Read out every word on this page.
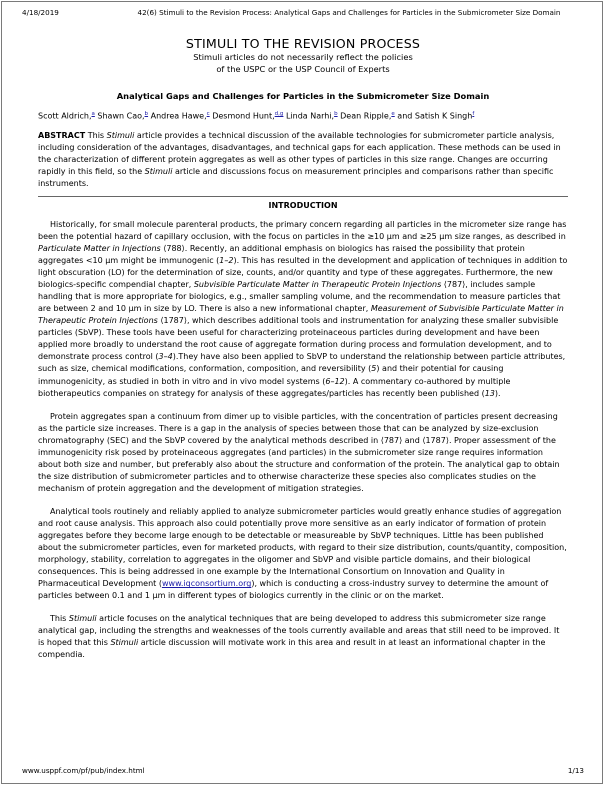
4/18/2019	42(6) Stimuli to the Revision Process: Analytical Gaps and Challenges for Particles in the Submicrometer Size Domain
STIMULI TO THE REVISION PROCESS
Stimuli articles do not necessarily reflect the policies
of the USPC or the USP Council of Experts
Analytical Gaps and Challenges for Particles in the Submicrometer Size Domain
Scott Aldrich,$^a$ Shawn Cao,$^b$ Andrea Hawe,$^c$ Desmond Hunt,$^{d,g}$ Linda Narhi,$^b$ Dean Ripple,$^e$ and Satish K Singh$^f$
ABSTRACT This Stimuli article provides a technical discussion of the available technologies for submicrometer particle analysis, including consideration of the advantages, disadvantages, and technical gaps for each application. These methods can be used in the characterization of different protein aggregates as well as other types of particles in this size range. Changes are occurring rapidly in this field, so the Stimuli article and discussions focus on measurement principles and comparisons rather than specific instruments.
INTRODUCTION

Historically, for small molecule parenteral products, the primary concern regarding all particles in the micrometer size range has been the potential hazard of capillary occlusion, with the focus on particles in the ≥10 µm and ≥25 µm size ranges, as described in Particulate Matter in Injections ⟨788⟩. Recently, an additional emphasis on biologics has raised the possibility that protein aggregates <10 µm might be immunogenic (1–2). This has resulted in the development and application of techniques in addition to light obscuration (LO) for the determination of size, counts, and/or quantity and type of these aggregates. Furthermore, the new biologics-specific compendial chapter, Subvisible Particulate Matter in Therapeutic Protein Injections ⟨787⟩, includes sample handling that is more appropriate for biologics, e.g., smaller sampling volume, and the recommendation to measure particles that are between 2 and 10 µm in size by LO. There is also a new informational chapter, Measurement of Subvisible Particulate Matter in Therapeutic Protein Injections ⟨1787⟩, which describes additional tools and instrumentation for analyzing these smaller subvisible particles (SbVP). These tools have been useful for characterizing proteinaceous particles during development and have been applied more broadly to understand the root cause of aggregate formation during process and formulation development, and to demonstrate process control (3–4).They have also been applied to SbVP to understand the relationship between particle attributes, such as size, chemical modifications, conformation, composition, and reversibility (5) and their potential for causing immunogenicity, as studied in both in vitro and in vivo model systems (6–12). A commentary co-authored by multiple biotherapeutics companies on strategy for analysis of these aggregates/particles has recently been published (13).

Protein aggregates span a continuum from dimer up to visible particles, with the concentration of particles present decreasing as the particle size increases. There is a gap in the analysis of species between those that can be analyzed by size-exclusion chromatography (SEC) and the SbVP covered by the analytical methods described in ⟨787⟩ and ⟨1787⟩. Proper assessment of the immunogenicity risk posed by proteinaceous aggregates (and particles) in the submicrometer size range requires information about both size and number, but preferably also about the structure and conformation of the protein. The analytical gap to obtain the size distribution of submicrometer particles and to otherwise characterize these species also complicates studies on the mechanism of protein aggregation and the development of mitigation strategies.

Analytical tools routinely and reliably applied to analyze submicrometer particles would greatly enhance studies of aggregation and root cause analysis. This approach also could potentially prove more sensitive as an early indicator of formation of protein aggregates before they become large enough to be detectable or measureable by SbVP techniques. Little has been published about the submicrometer particles, even for marketed products, with regard to their size distribution, counts/quantity, composition, morphology, stability, correlation to aggregates in the oligomer and SbVP and visible particle domains, and their biological consequences. This is being addressed in one example by the International Consortium on Innovation and Quality in Pharmaceutical Development (www.iqconsortium.org), which is conducting a cross-industry survey to determine the amount of particles between 0.1 and 1 µm in different types of biologics currently in the clinic or on the market.

This Stimuli article focuses on the analytical techniques that are being developed to address this submicrometer size range analytical gap, including the strengths and weaknesses of the tools currently available and areas that still need to be improved. It is hoped that this Stimuli article discussion will motivate work in this area and result in at least an informational chapter in the compendia.

www.usppf.com/pf/pub/index.html	1/13
